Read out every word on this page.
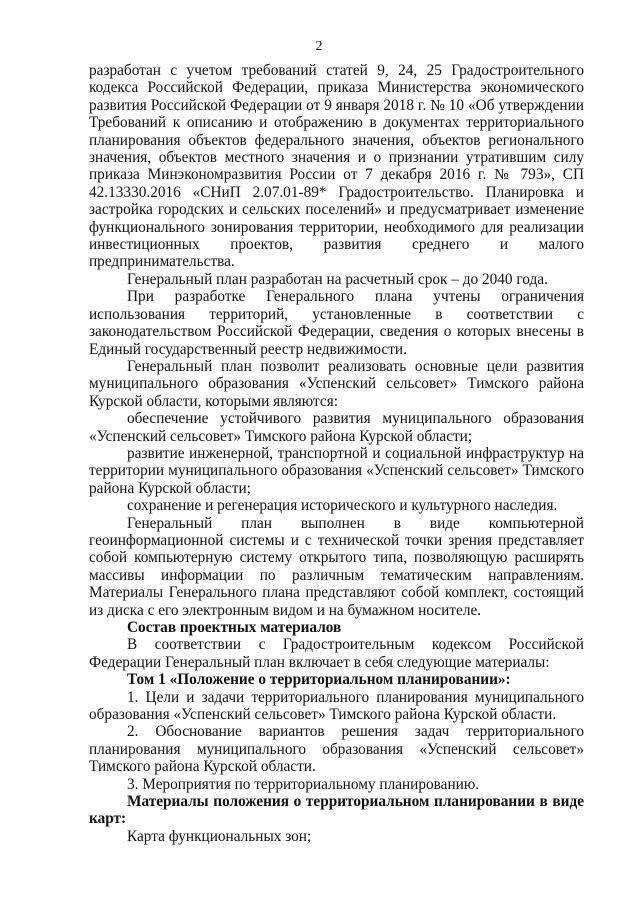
2

разработан с учетом требований статей 9, 24, 25 Градостроительного кодекса Российской Федерации, приказа Министерства экономического развития Российской Федерации от 9 января 2018 г. № 10 «Об утверждении Требований к описанию и отображению в документах территориального планирования объектов федерального значения, объектов регионального значения, объектов местного значения и о признании утратившим силу приказа Минэкономразвития России от 7 декабря 2016 г. № 793», СП 42.13330.2016 «СНиП 2.07.01-89* Градостроительство. Планировка и застройка городских и сельских поселений» и предусматривает изменение функционального зонирования территории, необходимого для реализации инвестиционных проектов, развития среднего и малого предпринимательства.

Генеральный план разработан на расчетный срок – до 2040 года.

При разработке Генерального плана учтены ограничения использования территорий, установленные в соответствии с законодательством Российской Федерации, сведения о которых внесены в Единый государственный реестр недвижимости.

Генеральный план позволит реализовать основные цели развития муниципального образования «Успенский сельсовет» Тимского района Курской области, которыми являются:

обеспечение устойчивого развития муниципального образования «Успенский сельсовет» Тимского района Курской области;

развитие инженерной, транспортной и социальной инфраструктур на территории муниципального образования «Успенский сельсовет» Тимского района Курской области;

сохранение и регенерация исторического и культурного наследия.

Генеральный план выполнен в виде компьютерной геоинформационной системы и с технической точки зрения представляет собой компьютерную систему открытого типа, позволяющую расширять массивы информации по различным тематическим направлениям. Материалы Генерального плана представляют собой комплект, состоящий из диска с его электронным видом и на бумажном носителе.

Состав проектных материалов

В соответствии с Градостроительным кодексом Российской Федерации Генеральный план включает в себя следующие материалы:

Том 1 «Положение о территориальном планировании»:

1. Цели и задачи территориального планирования муниципального образования «Успенский сельсовет» Тимского района Курской области.

2. Обоснование вариантов решения задач территориального планирования муниципального образования «Успенский сельсовет» Тимского района Курской области.

3. Мероприятия по территориальному планированию.

Материалы положения о территориальном планировании в виде карт:

Карта функциональных зон;
